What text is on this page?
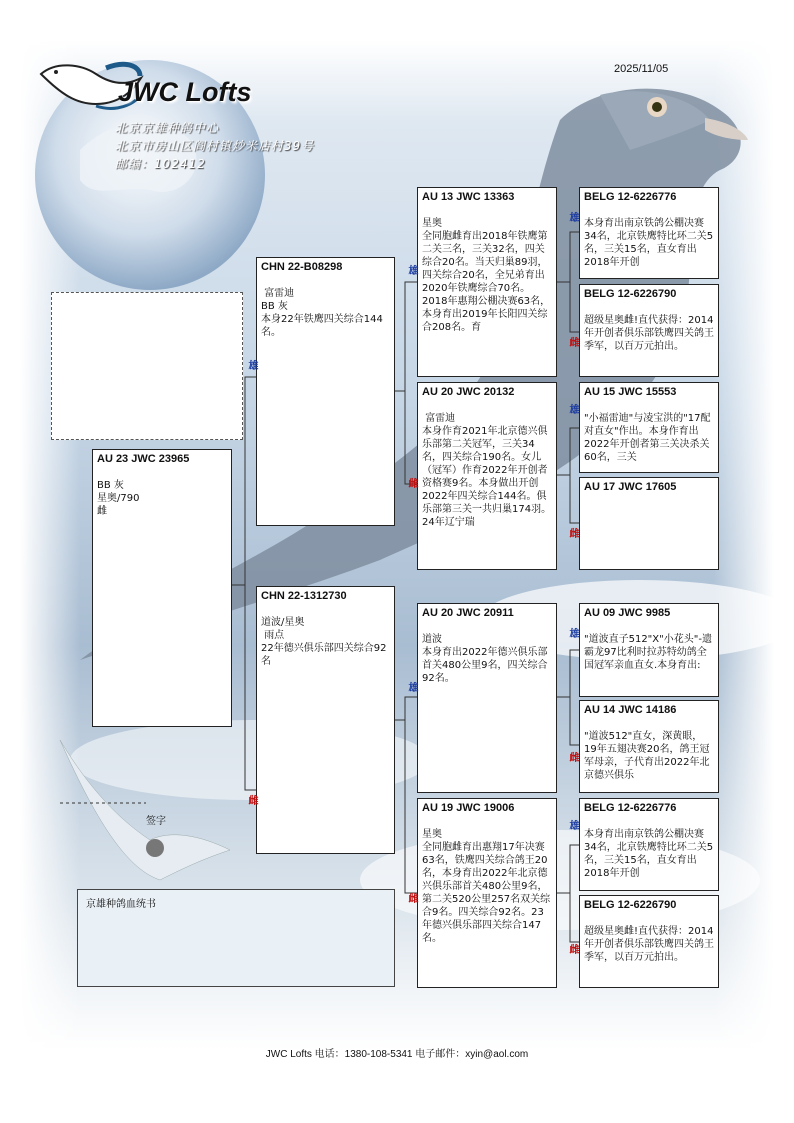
2025/11/05
JWC Lofts
北京京雄种鸽中心
北京市房山区阎村镇炒米店村39号
邮编：102412
AU 23 JWC 23965
BB 灰
星奥/790
雌
CHN 22-B08298
富雷迪
BB 灰
本身22年铁鹰四关综合144名。
CHN 22-1312730
道波/星奥
雨点
22年德兴俱乐部四关综合92名
AU 13 JWC 13363
星奥
全同胞雌育出2018年铁鹰第二关三名，三关32名，四关综合20名。当天归巢89羽，四关综合20名，全兄弟育出2020年铁鹰综合70名。2018年惠翔公棚决赛63名，本身育出2019年长阳四关综合208名。育
AU 20 JWC 20132
富雷迪
本身作育2021年北京德兴俱乐部第二关冠军，三关34名，四关综合190名。女儿（冠军）作育2022年开创者资格赛9名。本身做出开创2022年四关综合144名。俱乐部第三关一共归巢174羽。24年辽宁瑞
AU 20 JWC 20911
道波
本身育出2022年德兴俱乐部首关480公里9名，四关综合92名。
AU 19 JWC 19006
星奥
全同胞雌育出惠翔17年决赛63名，铁鹰四关综合鸽王20名，本身育出2022年北京德兴俱乐部首关480公里9名，第二关520公里257名双关综合9名。四关综合92名。23年德兴俱乐部四关综合147名。
BELG 12-6226776
本身育出南京铁鸽公棚决赛34名，北京铁鹰特比环二关5名，三关15名，直女育出2018年开创
BELG 12-6226790
超级星奥雌!直代获得：2014年开创者俱乐部铁鹰四关鸽王季军，以百万元拍出。
AU 15 JWC 15553
"小福雷迪"与凌宝洪的"17配对直女"作出。本身作育出2022年开创者第三关决杀关60名，三关
AU 17 JWC 17605
AU 09 JWC 9985
"道波直子512"X"小花头"-遗霸龙97比利时拉苏特幼鸽全国冠军亲血直女.本身育出:
AU 14 JWC 14186
"道波512"直女，深黄眼，19年五翅决赛20名，鸽王冠军母亲，子代育出2022年北京德兴俱乐
BELG 12-6226776
本身育出南京铁鸽公棚决赛34名，北京铁鹰特比环二关5名，三关15名，直女育出2018年开创
BELG 12-6226790
超级星奥雌!直代获得：2014年开创者俱乐部铁鹰四关鸽王季军，以百万元拍出。
雄
雌
雄
雌
雄
雌
雄
雌
雄
雌
雄
雌
雄
雌
签字
京雄种鸽血统书
JWC Lofts 电话：1380-108-5341 电子邮件：xyin@aol.com
